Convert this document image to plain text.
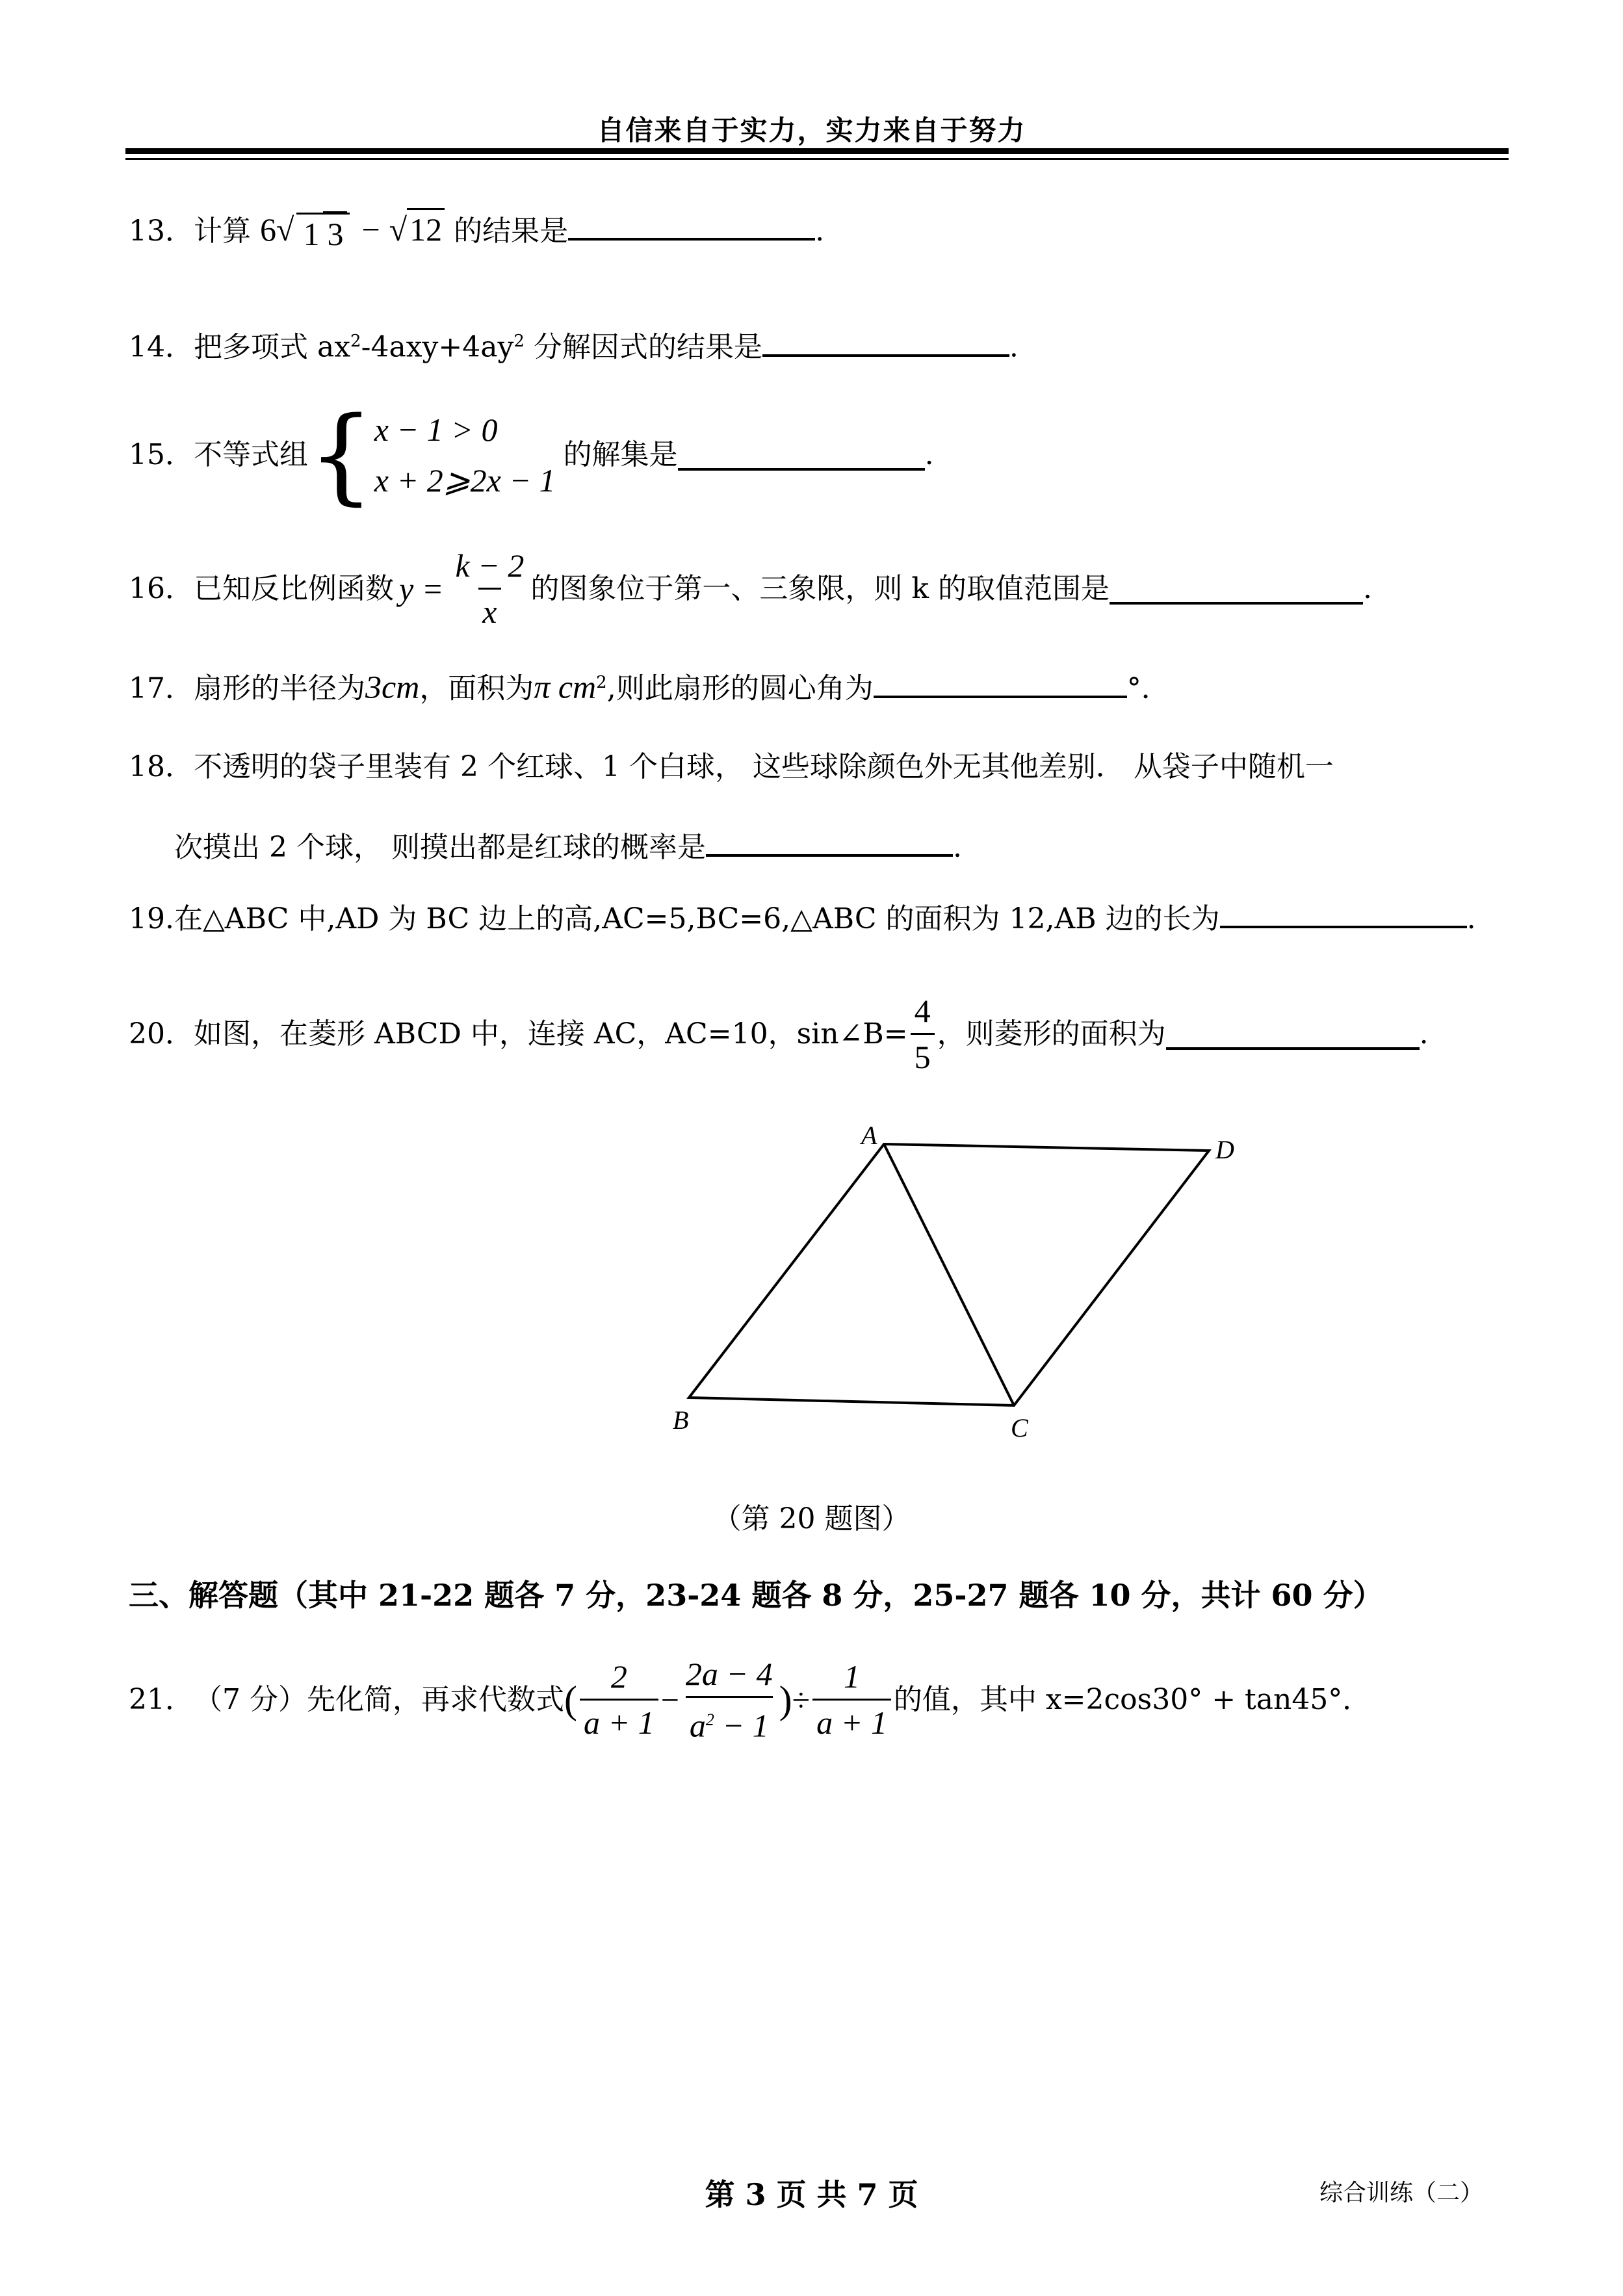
自信来自于实力，实力来自于努力
13．计算 6√ 1 3 − √12 的结果是	.
14．把多项式 $ax^2-4axy+4ay^2$ 分解因式的结果是	.
15． 不等式组 { x − 1 > 0
x + 2⩾2x − 1
的解集是	.
16． 已知反比例函数 $y = \frac{k - 2}{x}$ 的图象位于第一、三象限，则 k 的取值范围是	.
17．扇形的半径为3cm，面积为π $cm^2$,则此扇形的圆心角为	°．
18．不透明的袋子里装有 2 个红球、1 个白球， 这些球除颜色外无其他差别． 从袋子中随机一
次摸出 2 个球， 则摸出都是红球的概率是	.
19.在△ABC 中,AD 为 BC 边上的高,AC=5,BC=6,△ABC 的面积为 12,AB 边的长为	.
20． 如图，在菱形 ABCD 中，连接 AC，AC=10，sin∠B= $\frac{4}{5}$ ，则菱形的面积为	.
A	D
B	C
（第 20 题图）
三、解答题（其中 21-22 题各 7 分，23-24 题各 8 分，25-27 题各 10 分，共计 60 分）
21． （7 分）先化简，再求代数式 ( $\frac{2}{a + 1} - \frac{2a - 4}{a^2 - 1}$ ) ÷ $\frac{1}{a + 1}$ 的值，其中 x=2cos30° + tan45°．
第 3 页 共 7 页	综合训练（二）
